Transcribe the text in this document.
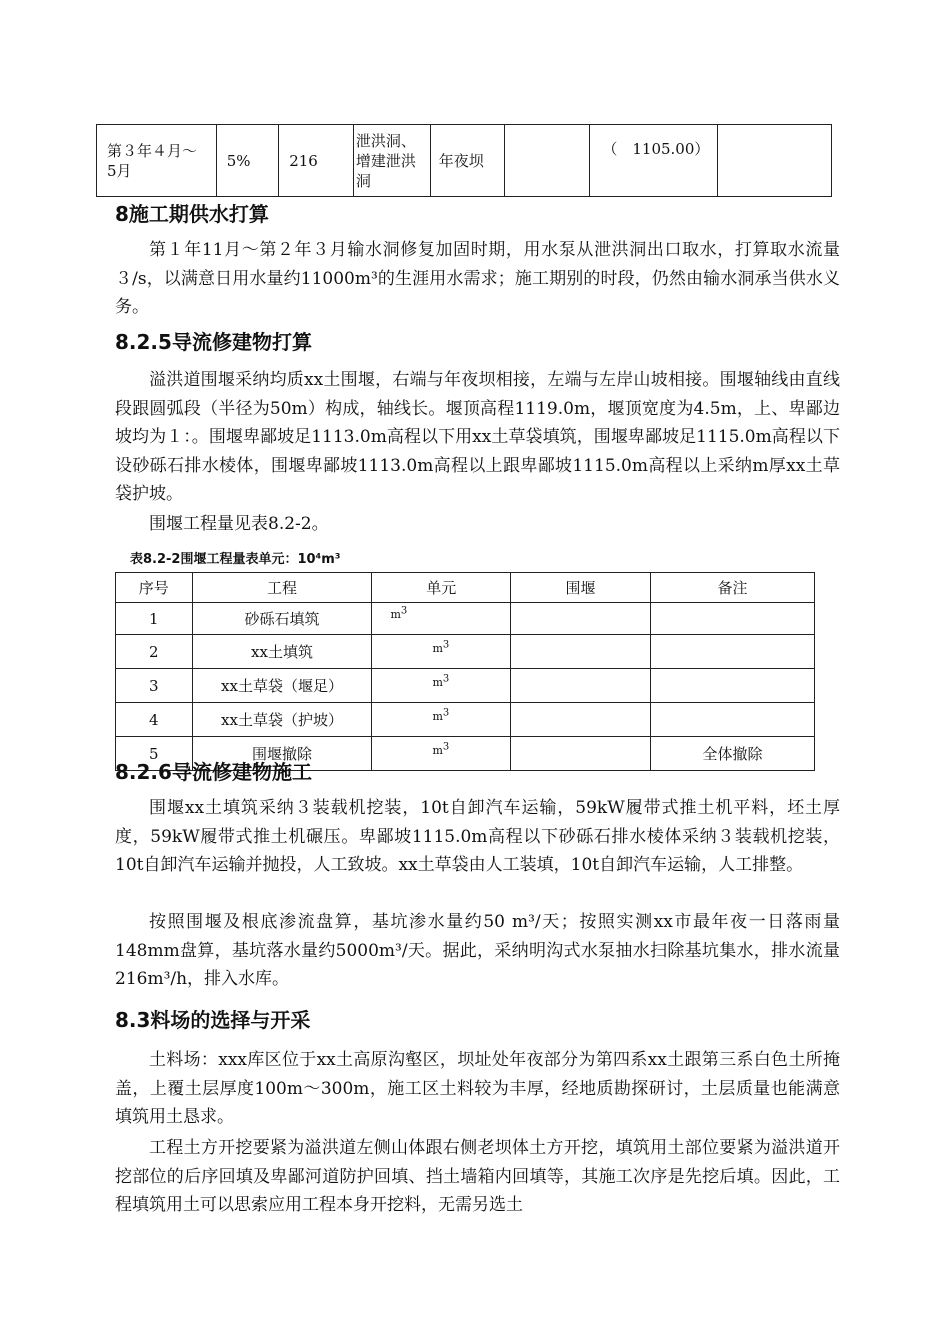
第３年４月～5月	5%	216	泄洪洞、增建泄洪洞	年夜坝		（　1105.00）	
8施工期供水打算
第１年11月～第２年３月输水洞修复加固时期，用水泵从泄洪洞出口取水，打算取水流量３/s，以满意日用水量约11000m³的生涯用水需求；施工期别的时段，仍然由输水洞承当供水义务。
8.2.5导流修建物打算
溢洪道围堰采纳均质xx土围堰，右端与年夜坝相接，左端与左岸山坡相接。围堰轴线由直线段跟圆弧段（半径为50m）构成，轴线长。堰顶高程1119.0m，堰顶宽度为4.5m，上、卑鄙边坡均为１：。围堰卑鄙坡足1113.0m高程以下用xx土草袋填筑，围堰卑鄙坡足1115.0m高程以下设砂砾石排水棱体，围堰卑鄙坡1113.0m高程以上跟卑鄙坡1115.0m高程以上采纳m厚xx土草袋护坡。
围堰工程量见表8.2-2。
表8.2-2围堰工程量表单元：10⁴m³
序号	工程	单元	围堰	备注
1	砂砾石填筑	$m^3$		
2	xx土填筑	$m^3$		
3	xx土草袋（堰足）	$m^3$		
4	xx土草袋（护坡）	$m^3$		
5	围堰撤除	$m^3$		全体撤除
8.2.6导流修建物施工
围堰xx土填筑采纳３装载机挖装，10t自卸汽车运输，59kW履带式推土机平料，坯土厚度，59kW履带式推土机碾压。卑鄙坡1115.0m高程以下砂砾石排水棱体采纳３装载机挖装，10t自卸汽车运输并抛投，人工致坡。xx土草袋由人工装填，10t自卸汽车运输，人工排整。
按照围堰及根底渗流盘算，基坑渗水量约50 m³/天；按照实测xx市最年夜一日落雨量148mm盘算，基坑落水量约5000m³/天。据此，采纳明沟式水泵抽水扫除基坑集水，排水流量216m³/h，排入水库。
8.3料场的选择与开采
土料场：xxx库区位于xx土高原沟壑区，坝址处年夜部分为第四系xx土跟第三系白色土所掩盖，上覆土层厚度100m～300m，施工区土料较为丰厚，经地质勘探研讨，土层质量也能满意填筑用土恳求。
工程土方开挖要紧为溢洪道左侧山体跟右侧老坝体土方开挖，填筑用土部位要紧为溢洪道开挖部位的后序回填及卑鄙河道防护回填、挡土墙箱内回填等，其施工次序是先挖后填。因此，工程填筑用土可以思索应用工程本身开挖料，无需另选土
